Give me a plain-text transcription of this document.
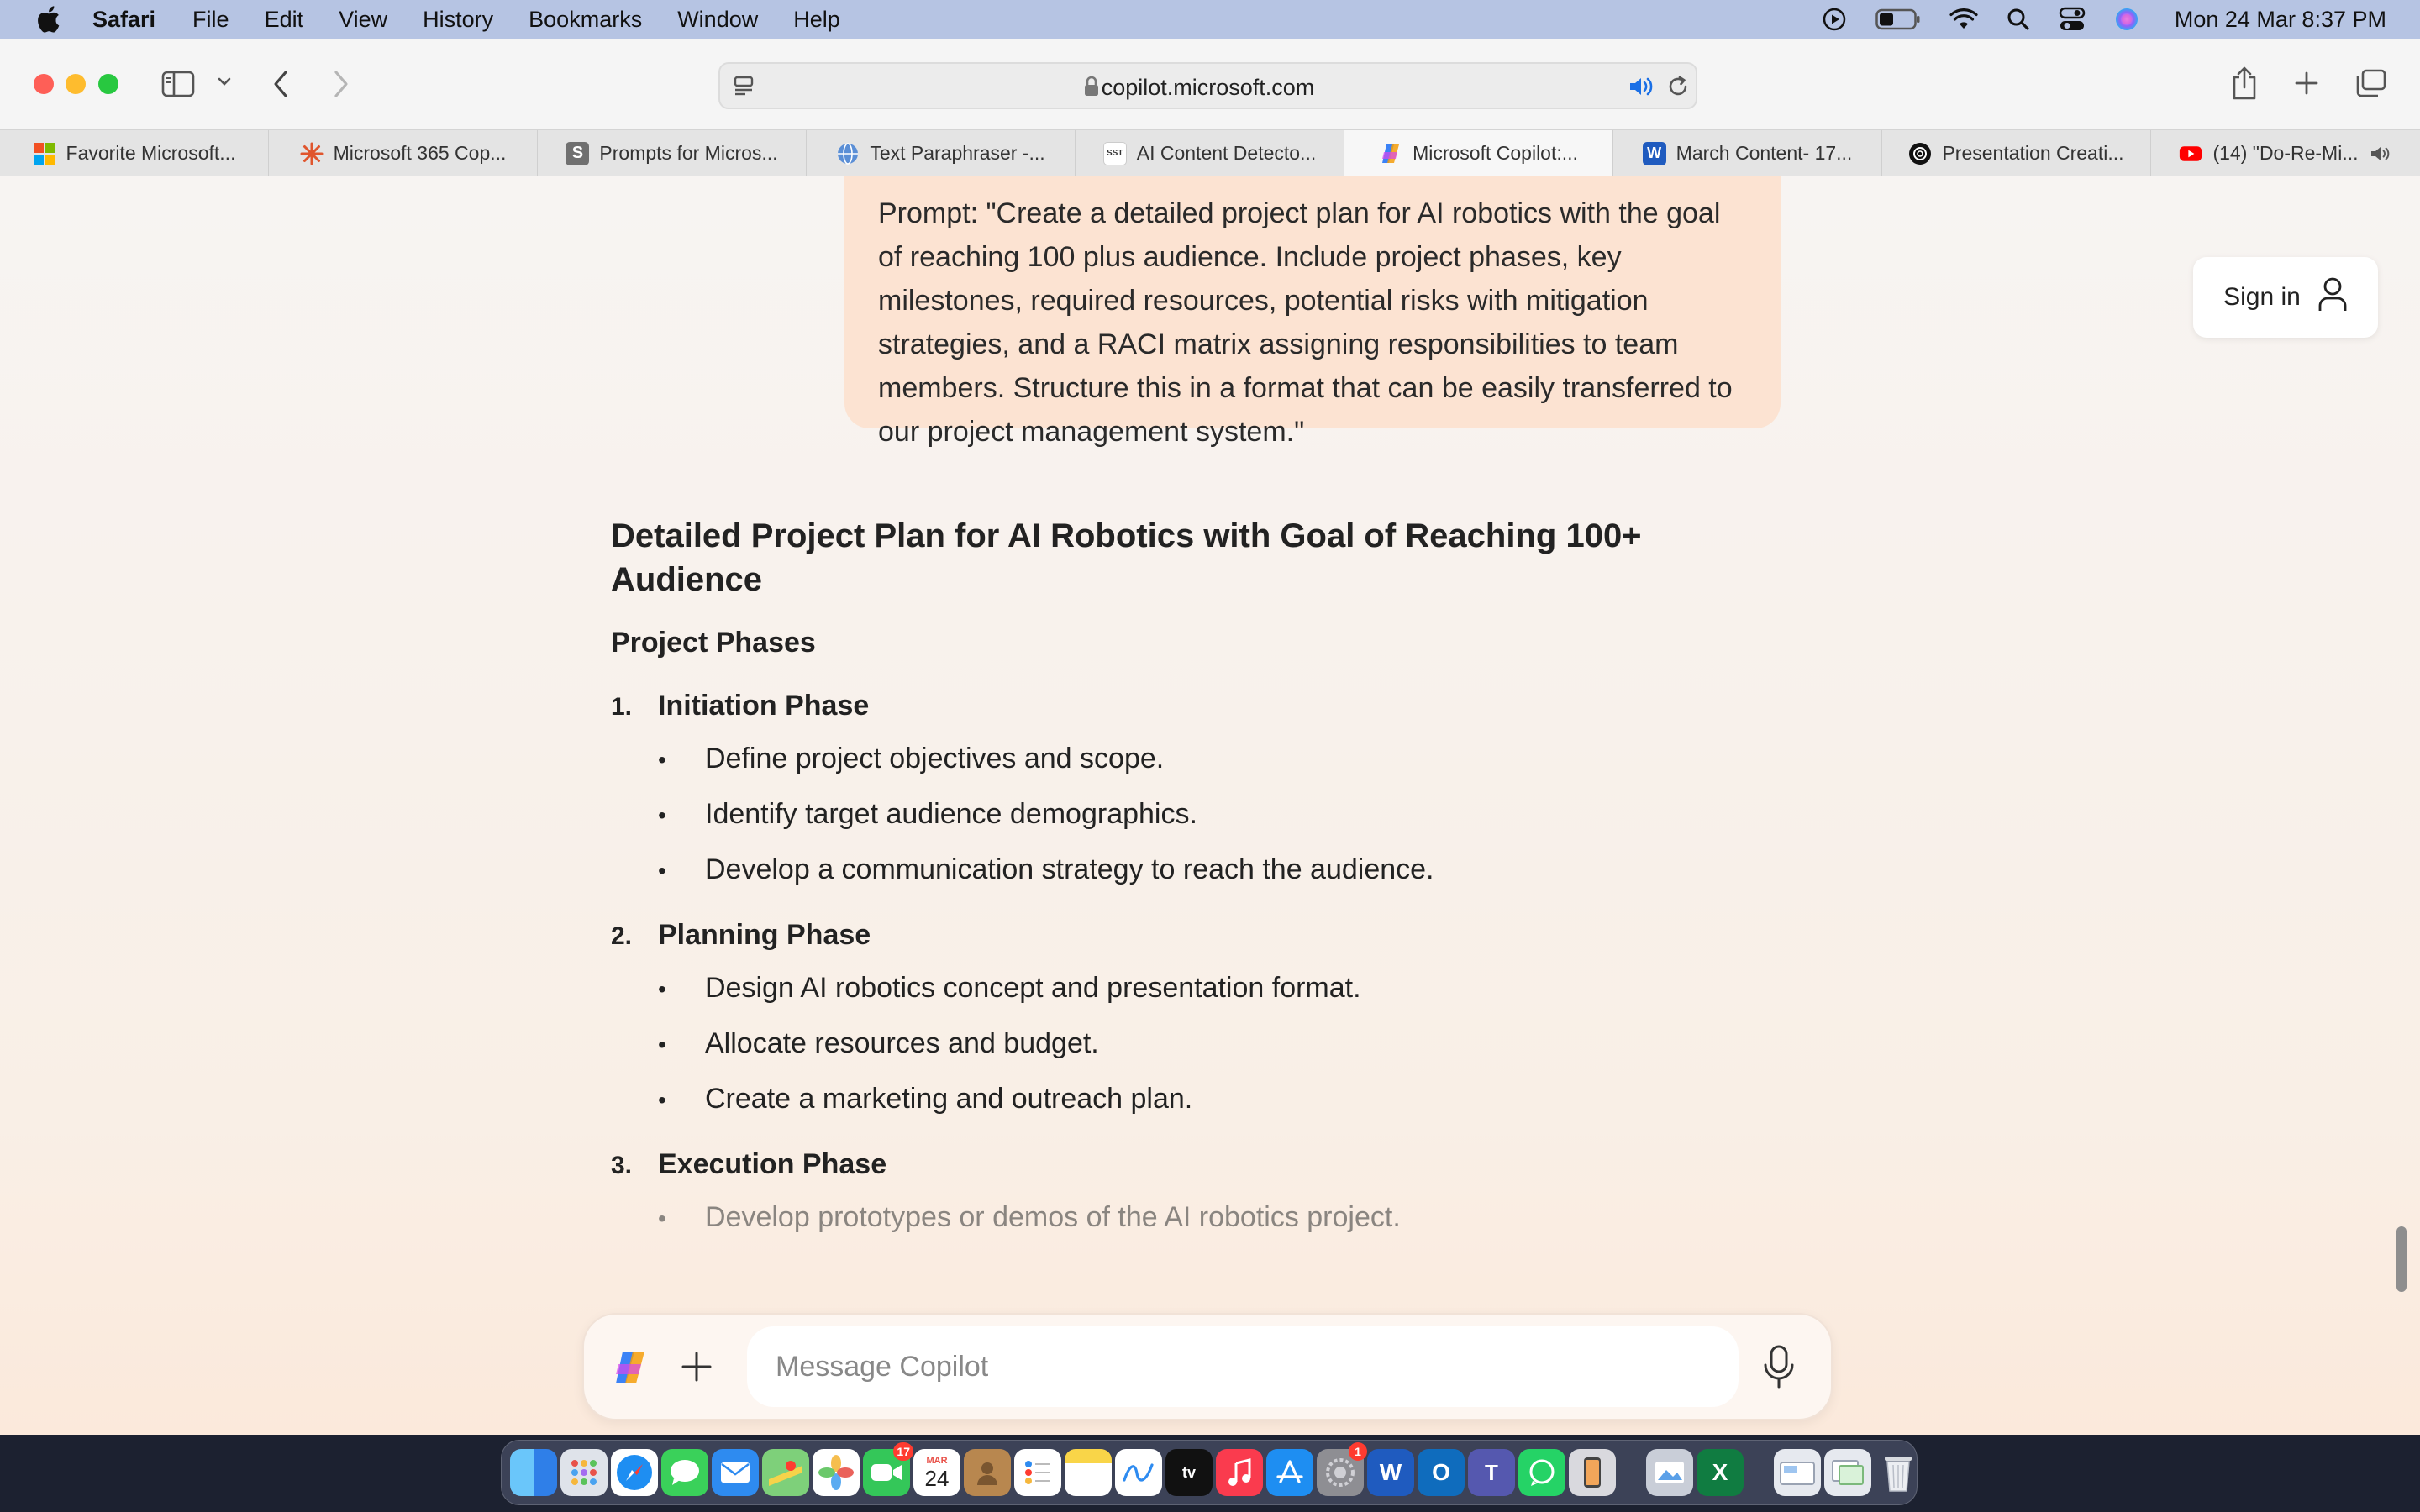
Safari File Edit View History Bookmarks Window Help	Mon 24 Mar 8:37 PM
copilot.microsoft.com
Favorite Microsoft...	Microsoft 365 Cop...	S Prompts for Micros...	Text Paraphraser -...	SST AI Content Detecto...	Microsoft Copilot:...	W March Content- 17...	Presentation Creati...	(14) "Do-Re-Mi...
Prompt: "Create a detailed project plan for AI robotics with the goal of reaching 100 plus audience. Include project phases, key milestones, required resources, potential risks with mitigation strategies, and a RACI matrix assigning responsibilities to team members. Structure this in a format that can be easily transferred to our project management system."
Sign in
Detailed Project Plan for AI Robotics with Goal of Reaching 100+ Audience
Project Phases
1. Initiation Phase
•	Define project objectives and scope.
•	Identify target audience demographics.
•	Develop a communication strategy to reach the audience.
2. Planning Phase
•	Design AI robotics concept and presentation format.
•	Allocate resources and budget.
•	Create a marketing and outreach plan.
3. Execution Phase
•	Develop prototypes or demos of the AI robotics project.
Message Copilot
17
MAR
24	tv
1
W	O	T	X
